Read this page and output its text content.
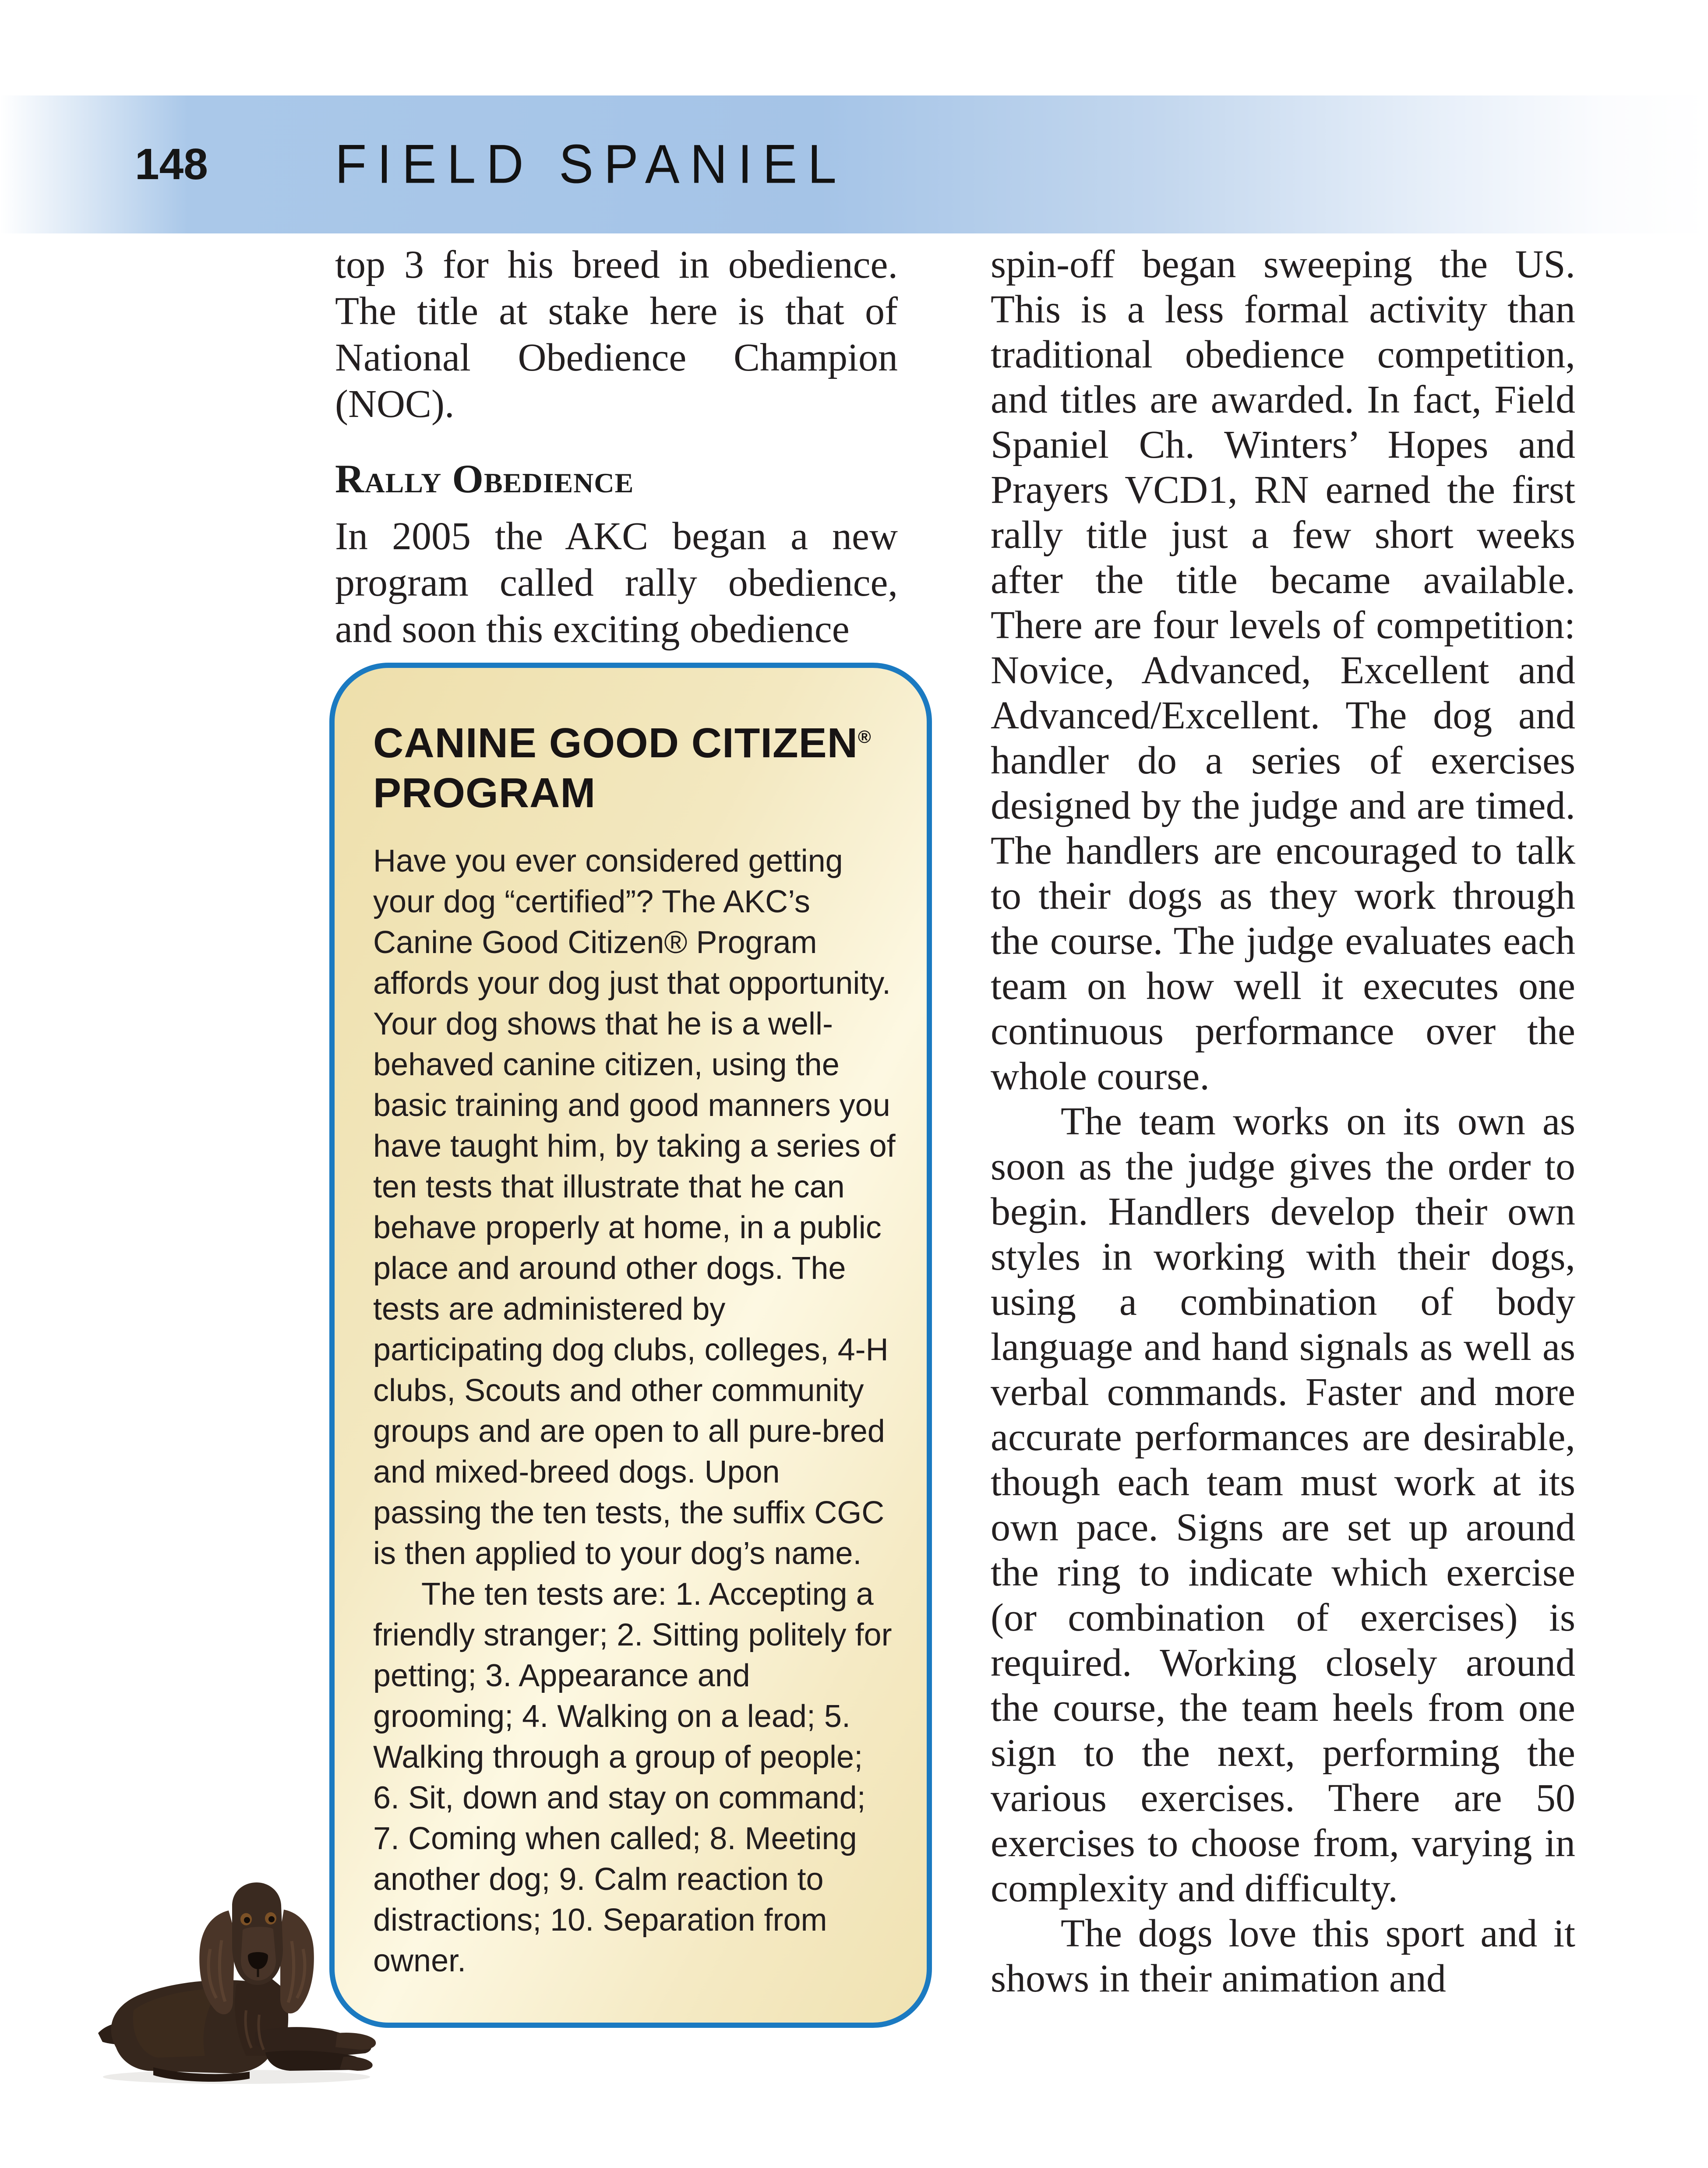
148 FIELD SPANIEL

top 3 for his breed in obedience. The title at stake here is that of National Obedience Champion (NOC).

Rally Obedience

In 2005 the AKC began a new program called rally obedience, and soon this exciting obedience

CANINE GOOD CITIZEN®
PROGRAM

Have you ever considered getting your dog “certified”? The AKC’s Canine Good Citizen® Program affords your dog just that opportunity. Your dog shows that he is a well-behaved canine citizen, using the basic training and good manners you have taught him, by taking a series of ten tests that illustrate that he can behave properly at home, in a public place and around other dogs. The tests are administered by participating dog clubs, colleges, 4-H clubs, Scouts and other community groups and are open to all pure-bred and mixed-breed dogs. Upon passing the ten tests, the suffix CGC is then applied to your dog’s name.

The ten tests are: 1. Accepting a friendly stranger; 2. Sitting politely for petting; 3. Appearance and grooming; 4. Walking on a lead; 5. Walking through a group of people; 6. Sit, down and stay on command; 7. Coming when called; 8. Meeting another dog; 9. Calm reaction to distractions; 10. Separation from owner.

spin-off began sweeping the US. This is a less formal activity than traditional obedience competition, and titles are awarded. In fact, Field Spaniel Ch. Winters’ Hopes and Prayers VCD1, RN earned the first rally title just a few short weeks after the title became available. There are four levels of competition: Novice, Advanced, Excellent and Advanced/Excellent. The dog and handler do a series of exercises designed by the judge and are timed. The handlers are encouraged to talk to their dogs as they work through the course. The judge evaluates each team on how well it executes one continuous performance over the whole course.

The team works on its own as soon as the judge gives the order to begin. Handlers develop their own styles in working with their dogs, using a combination of body language and hand signals as well as verbal commands. Faster and more accurate performances are desirable, though each team must work at its own pace. Signs are set up around the ring to indicate which exercise (or combination of exercises) is required. Working closely around the course, the team heels from one sign to the next, performing the various exercises. There are 50 exercises to choose from, varying in complexity and difficulty.

The dogs love this sport and it shows in their animation and
